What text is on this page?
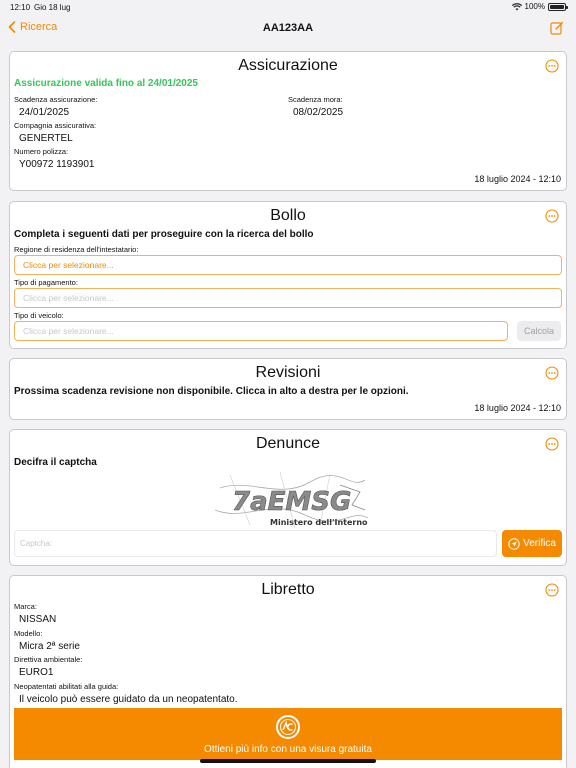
12:10 Gio 18 lug	100%
Ricerca	AA123AA
Assicurazione
Assicurazione valida fino al 24/01/2025
Scadenza assicurazione:
24/01/2025
Scadenza mora:
08/02/2025
Compagnia assicurativa:
GENERTEL
Numero polizza:
Y00972 1193901
18 luglio 2024 - 12:10
Bollo
Completa i seguenti dati per proseguire con la ricerca del bollo
Regione di residenza dell'intestatario:
Clicca per selezionare...
Tipo di pagamento:
Clicca per selezionare...
Tipo di veicolo:
Clicca per selezionare...	Calcola
Revisioni
Prossima scadenza revisione non disponibile. Clicca in alto a destra per le opzioni.
18 luglio 2024 - 12:10
Denunce
Decifra il captcha
7aEMSG
Ministero dell'Interno
Captcha:	Verifica
Libretto
Marca:
NISSAN
Modello:
Micra 2ª serie
Direttiva ambientale:
EURO1
Neopatentati abilitati alla guida:
Il veicolo può essere guidato da un neopatentato.
Ottieni più info con una visura gratuita
